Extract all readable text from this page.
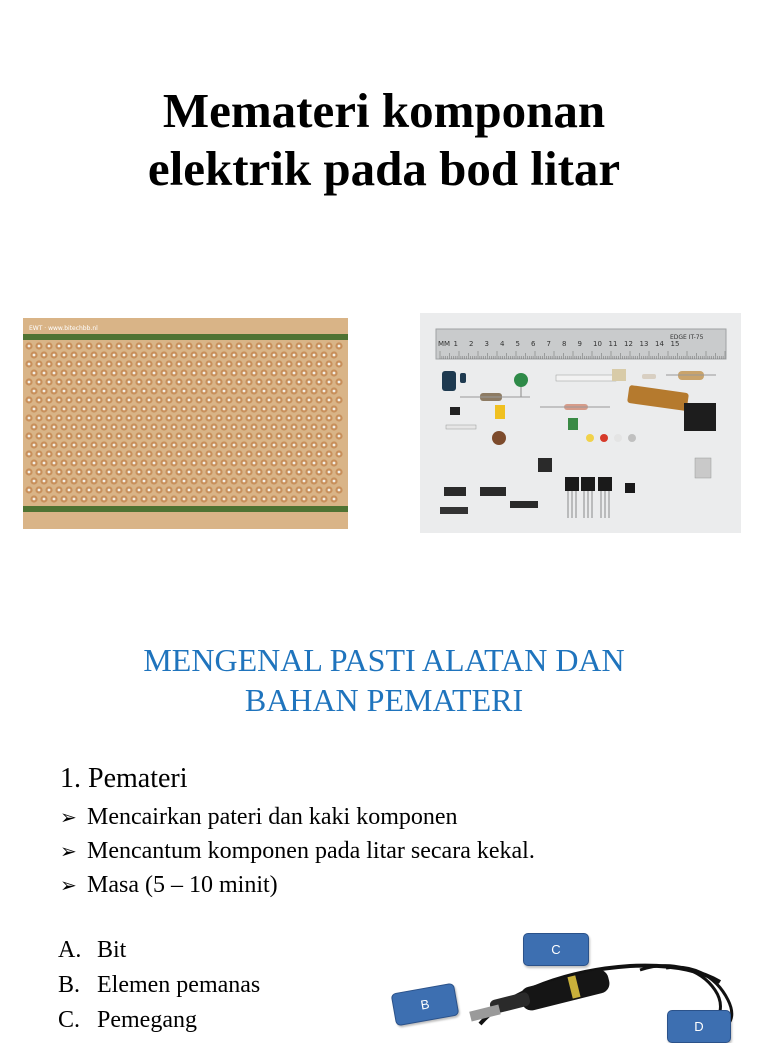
Memateri komponan
elektrik pada bod litar
EWT · www.bitechbb.nl
MM 1 2 3 4 5 6 7 8 9 10 11 12 13 14 15
EDGE IT-75
MENGENAL PASTI ALATAN DAN
BAHAN PEMATERI
1. Pemateri
➢ Mencairkan pateri dan kaki komponen
➢ Mencantum komponen pada litar secara kekal.
➢ Masa (5 – 10 minit)
A. Bit
B. Elemen pemanas
C. Pemegang
C
B
D
